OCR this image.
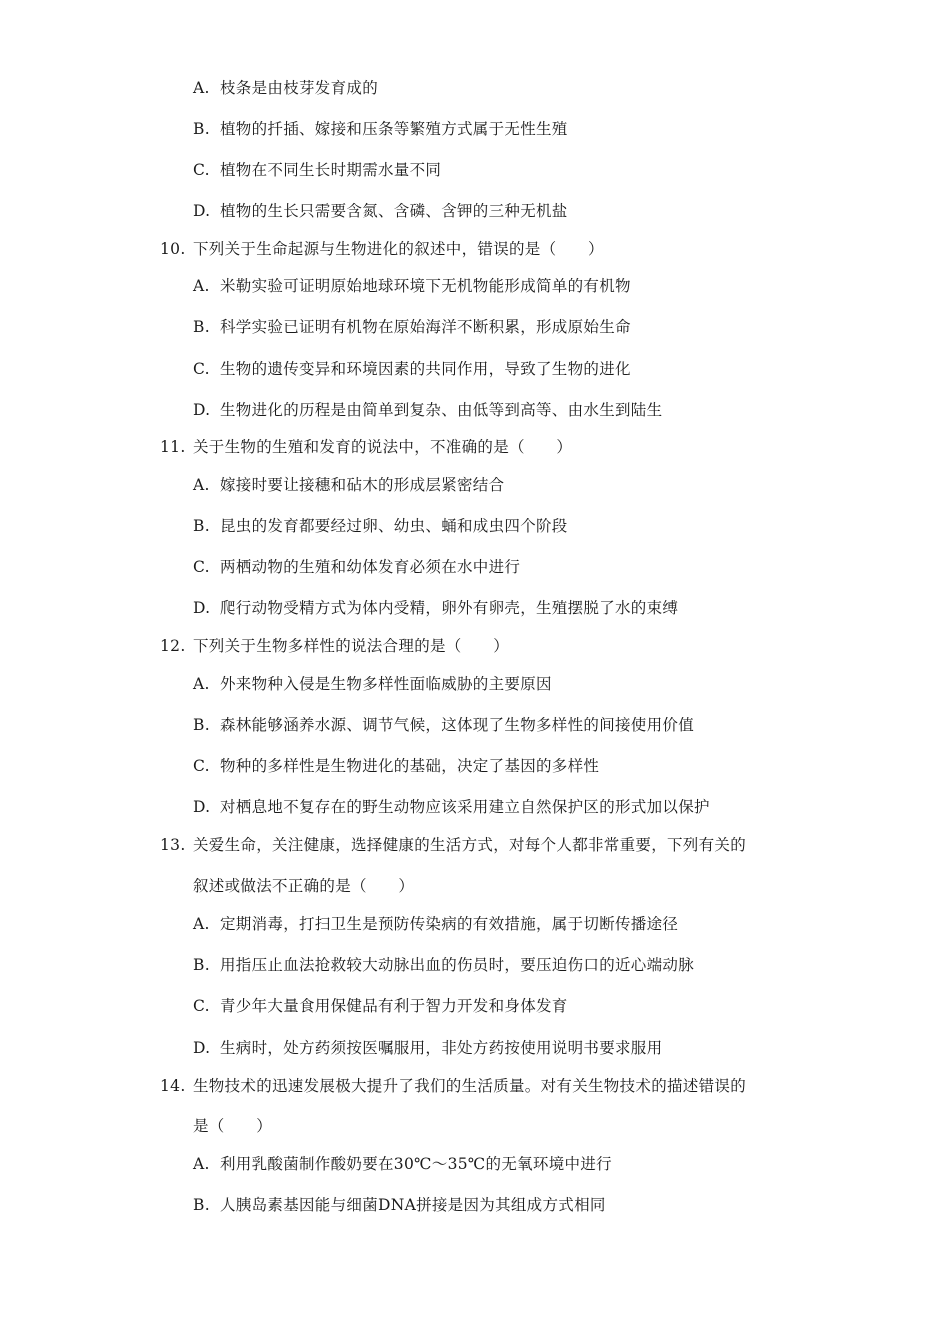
A. 枝条是由枝芽发育成的
B. 植物的扦插、嫁接和压条等繁殖方式属于无性生殖
C. 植物在不同生长时期需水量不同
D. 植物的生长只需要含氮、含磷、含钾的三种无机盐
10. 下列关于生命起源与生物进化的叙述中，错误的是（　　）
A. 米勒实验可证明原始地球环境下无机物能形成简单的有机物
B. 科学实验已证明有机物在原始海洋不断积累，形成原始生命
C. 生物的遗传变异和环境因素的共同作用，导致了生物的进化
D. 生物进化的历程是由简单到复杂、由低等到高等、由水生到陆生
11. 关于生物的生殖和发育的说法中，不准确的是（　　）
A. 嫁接时要让接穗和砧木的形成层紧密结合
B. 昆虫的发育都要经过卵、幼虫、蛹和成虫四个阶段
C. 两栖动物的生殖和幼体发育必须在水中进行
D. 爬行动物受精方式为体内受精，卵外有卵壳，生殖摆脱了水的束缚
12. 下列关于生物多样性的说法合理的是（　　）
A. 外来物种入侵是生物多样性面临威胁的主要原因
B. 森林能够涵养水源、调节气候，这体现了生物多样性的间接使用价值
C. 物种的多样性是生物进化的基础，决定了基因的多样性
D. 对栖息地不复存在的野生动物应该采用建立自然保护区的形式加以保护
13. 关爱生命，关注健康，选择健康的生活方式，对每个人都非常重要，下列有关的
叙述或做法不正确的是（　　）
A. 定期消毒，打扫卫生是预防传染病的有效措施，属于切断传播途径
B. 用指压止血法抢救较大动脉出血的伤员时，要压迫伤口的近心端动脉
C. 青少年大量食用保健品有利于智力开发和身体发育
D. 生病时，处方药须按医嘱服用，非处方药按使用说明书要求服用
14. 生物技术的迅速发展极大提升了我们的生活质量。对有关生物技术的描述错误的
是（　　）
A. 利用乳酸菌制作酸奶要在30℃～35℃的无氧环境中进行
B. 人胰岛素基因能与细菌DNA拼接是因为其组成方式相同
